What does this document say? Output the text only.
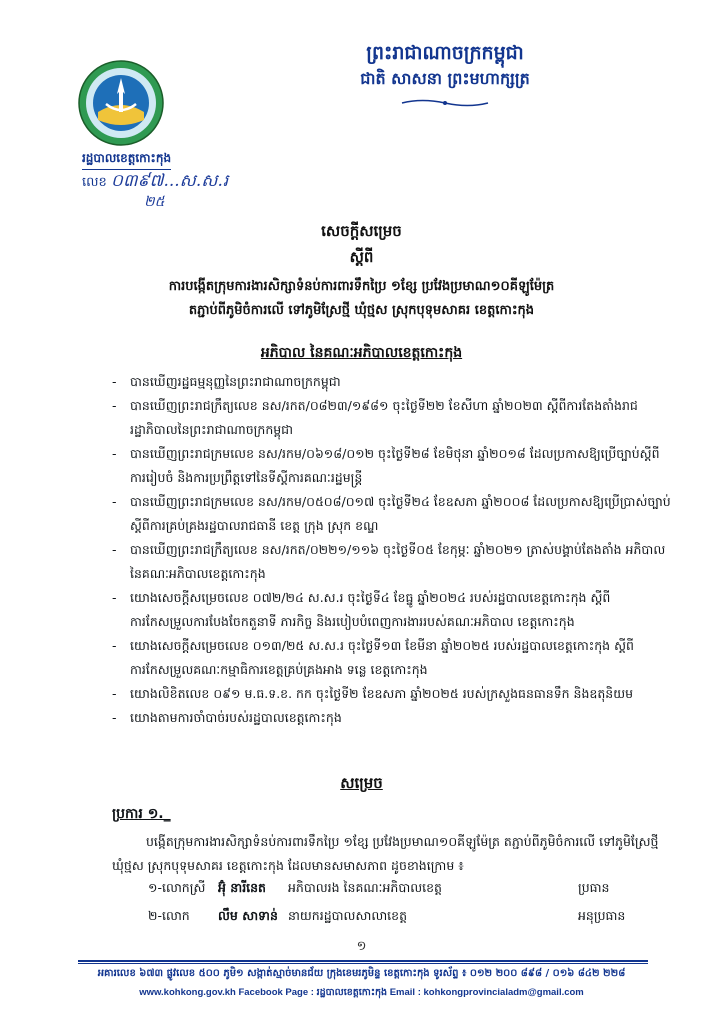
ព្រះរាជាណាចក្រកម្ពុជា
ជាតិ សាសនា ព្រះមហាក្សត្រ
រដ្ឋបាលខេត្តកោះកុង
លេខ ០៣៩៧...ស.ស.រ
២៥
សេចក្ដីសម្រេច
ស្ដីពី
ការបង្កើតក្រុមការងារសិក្សាទំនប់ការពារទឹកប្រៃ ១ខ្សែ ប្រវែងប្រមាណ១០គីឡូម៉ែត្រ
តភ្ជាប់ពីភូមិចំការលើ ទៅភូមិស្រែថ្មី ឃុំថ្មស ស្រុកបុទុមសាគរ ខេត្តកោះកុង
អភិបាល នៃគណៈអភិបាលខេត្តកោះកុង
- បានឃើញរដ្ឋធម្មនុញ្ញនៃព្រះរាជាណាចក្រកម្ពុជា
- បានឃើញព្រះរាជក្រឹត្យលេខ នស/រកត/០៨២៣/១៩៨១ ចុះថ្ងៃទី២២ ខែសីហា ឆ្នាំ២០២៣ ស្ដីពីការតែងតាំងរាជរដ្ឋាភិបាលនៃព្រះរាជាណាចក្រកម្ពុជា
- បានឃើញព្រះរាជក្រមលេខ នស/រកម/០៦១៨/០១២ ចុះថ្ងៃទី២៨ ខែមិថុនា ឆ្នាំ២០១៨ ដែលប្រកាសឱ្យប្រើច្បាប់ស្ដីពីការរៀបចំ និងការប្រព្រឹត្តទៅនៃទីស្ដីការគណៈរដ្ឋមន្ត្រី
- បានឃើញព្រះរាជក្រមលេខ នស/រកម/០៥០៨/០១៧ ចុះថ្ងៃទី២៤ ខែឧសភា ឆ្នាំ២០០៨ ដែលប្រកាសឱ្យប្រើប្រាស់ច្បាប់ស្ដីពីការគ្រប់គ្រងរដ្ឋបាលរាជធានី ខេត្ត ក្រុង ស្រុក ខណ្ឌ
- បានឃើញព្រះរាជក្រឹត្យលេខ នស/រកត/០២២១/១១៦ ចុះថ្ងៃទី០៥ ខែកុម្ភៈ ឆ្នាំ២០២១ ត្រាស់បង្គាប់តែងតាំង អភិបាល នៃគណៈអភិបាលខេត្តកោះកុង
- យោងសេចក្ដីសម្រេចលេខ ០៧២/២៤ ស.ស.រ ចុះថ្ងៃទី៤ ខែធ្នូ ឆ្នាំ២០២៤ របស់រដ្ឋបាលខេត្តកោះកុង ស្ដីពីការកែសម្រួលការបែងចែកតួនាទី ភារកិច្ច និងរបៀបបំពេញការងាររបស់គណៈអភិបាល ខេត្តកោះកុង
- យោងសេចក្ដីសម្រេចលេខ ០១៣/២៥ ស.ស.រ ចុះថ្ងៃទី១៣ ខែមីនា ឆ្នាំ២០២៥ របស់រដ្ឋបាលខេត្តកោះកុង ស្ដីពីការកែសម្រួលគណៈកម្មាធិការខេត្តគ្រប់គ្រងអាង ទន្លេ ខេត្តកោះកុង
- យោងលិខិតលេខ ០៩១ ម.ធ.ទ.ខ. កក ចុះថ្ងៃទី២ ខែឧសភា ឆ្នាំ២០២៥ របស់ក្រសួងធនធានទឹក និងឧតុនិយម
- យោងតាមការចាំបាច់របស់រដ្ឋបាលខេត្តកោះកុង
សម្រេច
ប្រការ ១._
បង្កើតក្រុមការងារសិក្សាទំនប់ការពារទឹកប្រៃ ១ខ្សែ ប្រវែងប្រមាណ១០គីឡូម៉ែត្រ តភ្ជាប់ពីភូមិចំការលើ ទៅភូមិស្រែថ្មី ឃុំថ្មស ស្រុកបុទុមសាគរ ខេត្តកោះកុង ដែលមានសមាសភាព ដូចខាងក្រោម ៖
១-លោកស្រី អ៊ុំ នារីនេត អភិបាលរង នៃគណៈអភិបាលខេត្ត	ប្រធាន
២-លោក លឹម សាទាន់ នាយករដ្ឋបាលសាលាខេត្ត	អនុប្រធាន
១
អគារលេខ ៦៧៣ ផ្លូវលេខ ៥០០ ភូមិ១ សង្កាត់ស្មាច់មានជ័យ ក្រុងខេមរភូមិន្ទ ខេត្តកោះកុង ទូរស័ព្ទ ៖ ០១២ ២០០ ៨៩៨ / ០១៦ ៨៤២ ២២៨
www.kohkong.gov.kh Facebook Page : រដ្ឋបាលខេត្តកោះកុង Email : kohkongprovincialadm@gmail.com
